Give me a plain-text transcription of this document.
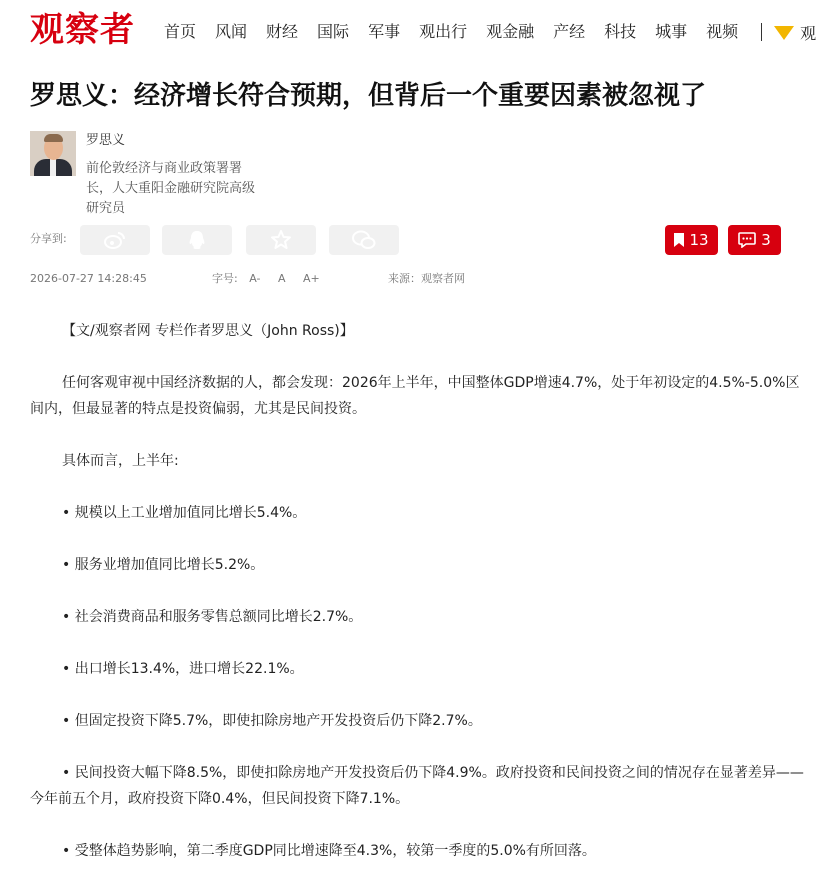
观察者 首页 风闻 财经 国际 军事 观出行 观金融 产经 科技 城事 视频	观
罗思义：经济增长符合预期，但背后一个重要因素被忽视了
罗思义
前伦敦经济与商业政策署署长，人大重阳金融研究院高级研究员
分享到:	13	3
2026-07-27 14:28:45	字号: A- A A+	来源：观察者网

【文/观察者网 专栏作者罗思义（John Ross)】

任何客观审视中国经济数据的人，都会发现：2026年上半年，中国整体GDP增速4.7%，处于年初设定的4.5%-5.0%区间内，但最显著的特点是投资偏弱，尤其是民间投资。

具体而言，上半年:

• 规模以上工业增加值同比增长5.4%。

• 服务业增加值同比增长5.2%。

• 社会消费商品和服务零售总额同比增长2.7%。

• 出口增长13.4%，进口增长22.1%。

• 但固定投资下降5.7%，即使扣除房地产开发投资后仍下降2.7%。

• 民间投资大幅下降8.5%，即使扣除房地产开发投资后仍下降4.9%。政府投资和民间投资之间的情况存在显著差异——今年前五个月，政府投资下降0.4%，但民间投资下降7.1%。

• 受整体趋势影响，第二季度GDP同比增速降至4.3%，较第一季度的5.0%有所回落。
